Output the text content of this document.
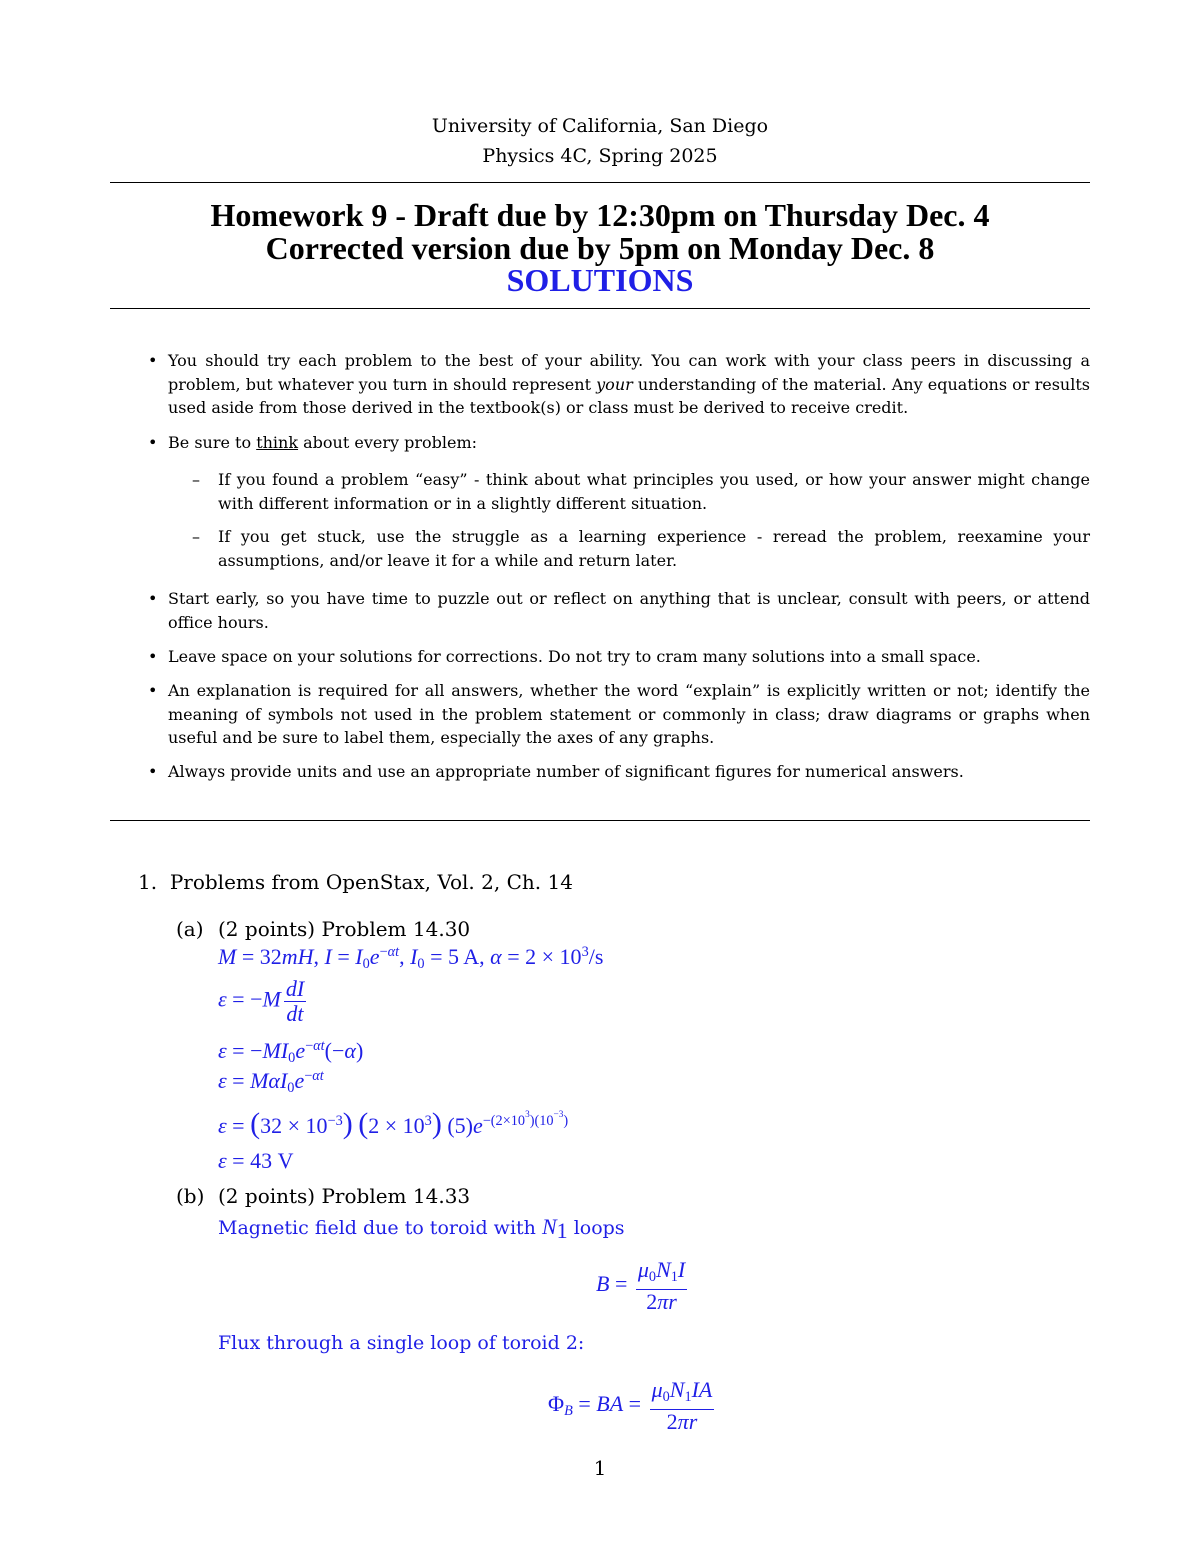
University of California, San Diego
Physics 4C, Spring 2025
Homework 9 - Draft due by 12:30pm on Thursday Dec. 4
Corrected version due by 5pm on Monday Dec. 8
SOLUTIONS
• You should try each problem to the best of your ability. You can work with your class peers in discussing a problem, but whatever you turn in should represent your understanding of the material. Any equations or results used aside from those derived in the textbook(s) or class must be derived to receive credit.
• Be sure to think about every problem:
– If you found a problem “easy” - think about what principles you used, or how your answer might change with different information or in a slightly different situation.
– If you get stuck, use the struggle as a learning experience - reread the problem, reexamine your assumptions, and/or leave it for a while and return later.
• Start early, so you have time to puzzle out or reflect on anything that is unclear, consult with peers, or attend office hours.
• Leave space on your solutions for corrections. Do not try to cram many solutions into a small space.
• An explanation is required for all answers, whether the word “explain” is explicitly written or not; identify the meaning of symbols not used in the problem statement or commonly in class; draw diagrams or graphs when useful and be sure to label them, especially the axes of any graphs.
• Always provide units and use an appropriate number of significant figures for numerical answers.
1. Problems from OpenStax, Vol. 2, Ch. 14
(a) (2 points) Problem 14.30
M = 32mH, $I = I_0e^{-\alpha t}$, $I_0 = 5$ A, $\alpha = 2 \times 10^3/s$
$\varepsilon = -M \frac{dI}{dt}$
$\varepsilon = -MI_0e^{-\alpha t}(-\alpha)$
$\varepsilon = M\alpha I_0e^{-\alpha t}$
$\varepsilon = (32 \times 10^{-3})$ $(2 \times 10^3)$ $(5)e^{-(2\times 10^3)(10^{-3})}$
ε = 43 V
(b) (2 points) Problem 14.33
Magnetic field due to toroid with $N_1$ loops
$B = \frac{\mu_0N_1I}{2\pi r}$
Flux through a single loop of toroid 2:
$\Phi_B$ = BA = $\frac{\mu_0N_1IA}{2\pi r}$
1
